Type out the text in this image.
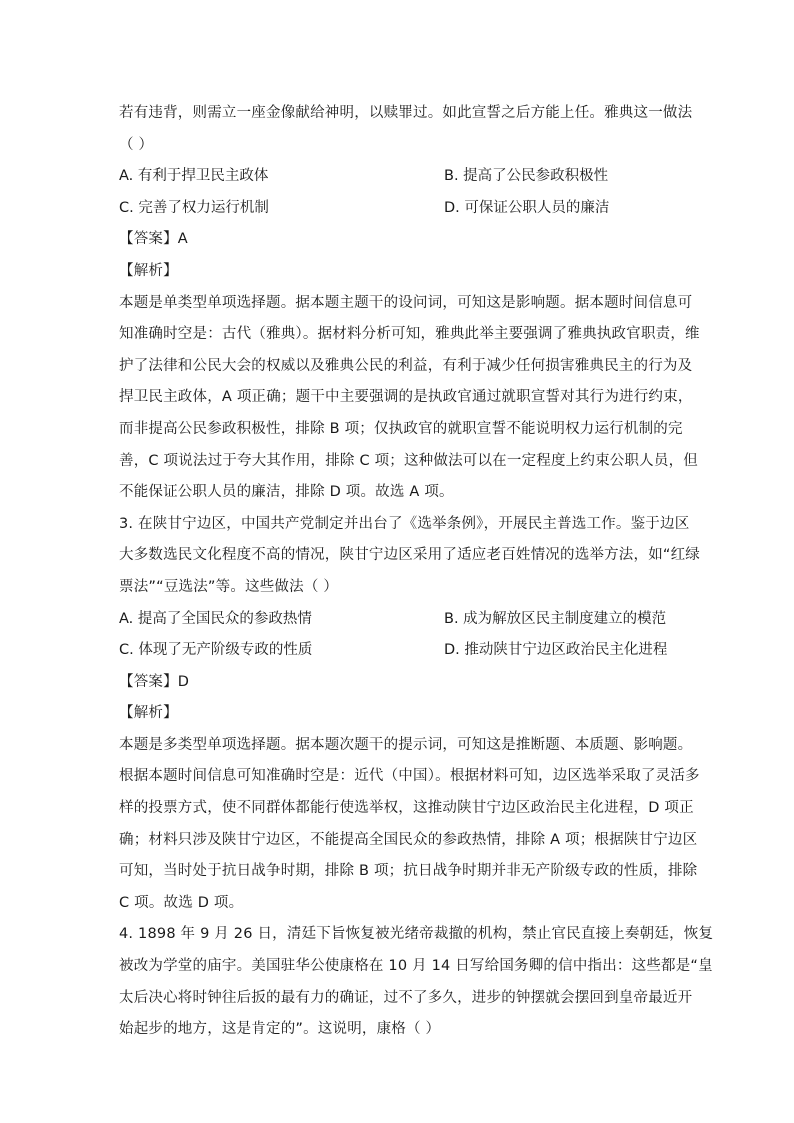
若有违背，则需立一座金像献给神明，以赎罪过。如此宣誓之后方能上任。雅典这一做法
（ ）
A. 有利于捍卫民主政体	B. 提高了公民参政积极性
C. 完善了权力运行机制	D. 可保证公职人员的廉洁
【答案】A
【解析】
本题是单类型单项选择题。据本题主题干的设问词，可知这是影响题。据本题时间信息可
知准确时空是：古代（雅典）。据材料分析可知，雅典此举主要强调了雅典执政官职责，维
护了法律和公民大会的权威以及雅典公民的利益，有利于减少任何损害雅典民主的行为及
捍卫民主政体，A 项正确；题干中主要强调的是执政官通过就职宣誓对其行为进行约束，
而非提高公民参政积极性，排除 B 项；仅执政官的就职宣誓不能说明权力运行机制的完
善，C 项说法过于夸大其作用，排除 C 项；这种做法可以在一定程度上约束公职人员，但
不能保证公职人员的廉洁，排除 D 项。故选 A 项。
3. 在陕甘宁边区，中国共产党制定并出台了《选举条例》，开展民主普选工作。鉴于边区
大多数选民文化程度不高的情况，陕甘宁边区采用了适应老百姓情况的选举方法，如“红绿
票法”“豆选法”等。这些做法（ ）
A. 提高了全国民众的参政热情	B. 成为解放区民主制度建立的模范
C. 体现了无产阶级专政的性质	D. 推动陕甘宁边区政治民主化进程
【答案】D
【解析】
本题是多类型单项选择题。据本题次题干的提示词，可知这是推断题、本质题、影响题。
根据本题时间信息可知准确时空是：近代（中国）。根据材料可知，边区选举采取了灵活多
样的投票方式，使不同群体都能行使选举权，这推动陕甘宁边区政治民主化进程，D 项正
确；材料只涉及陕甘宁边区，不能提高全国民众的参政热情，排除 A 项；根据陕甘宁边区
可知，当时处于抗日战争时期，排除 B 项；抗日战争时期并非无产阶级专政的性质，排除
C 项。故选 D 项。
4. 1898 年 9 月 26 日，清廷下旨恢复被光绪帝裁撤的机构，禁止官民直接上奏朝廷，恢复
被改为学堂的庙宇。美国驻华公使康格在 10 月 14 日写给国务卿的信中指出：这些都是“皇
太后决心将时钟往后扳的最有力的确证，过不了多久，进步的钟摆就会摆回到皇帝最近开
始起步的地方，这是肯定的”。这说明，康格（ ）
